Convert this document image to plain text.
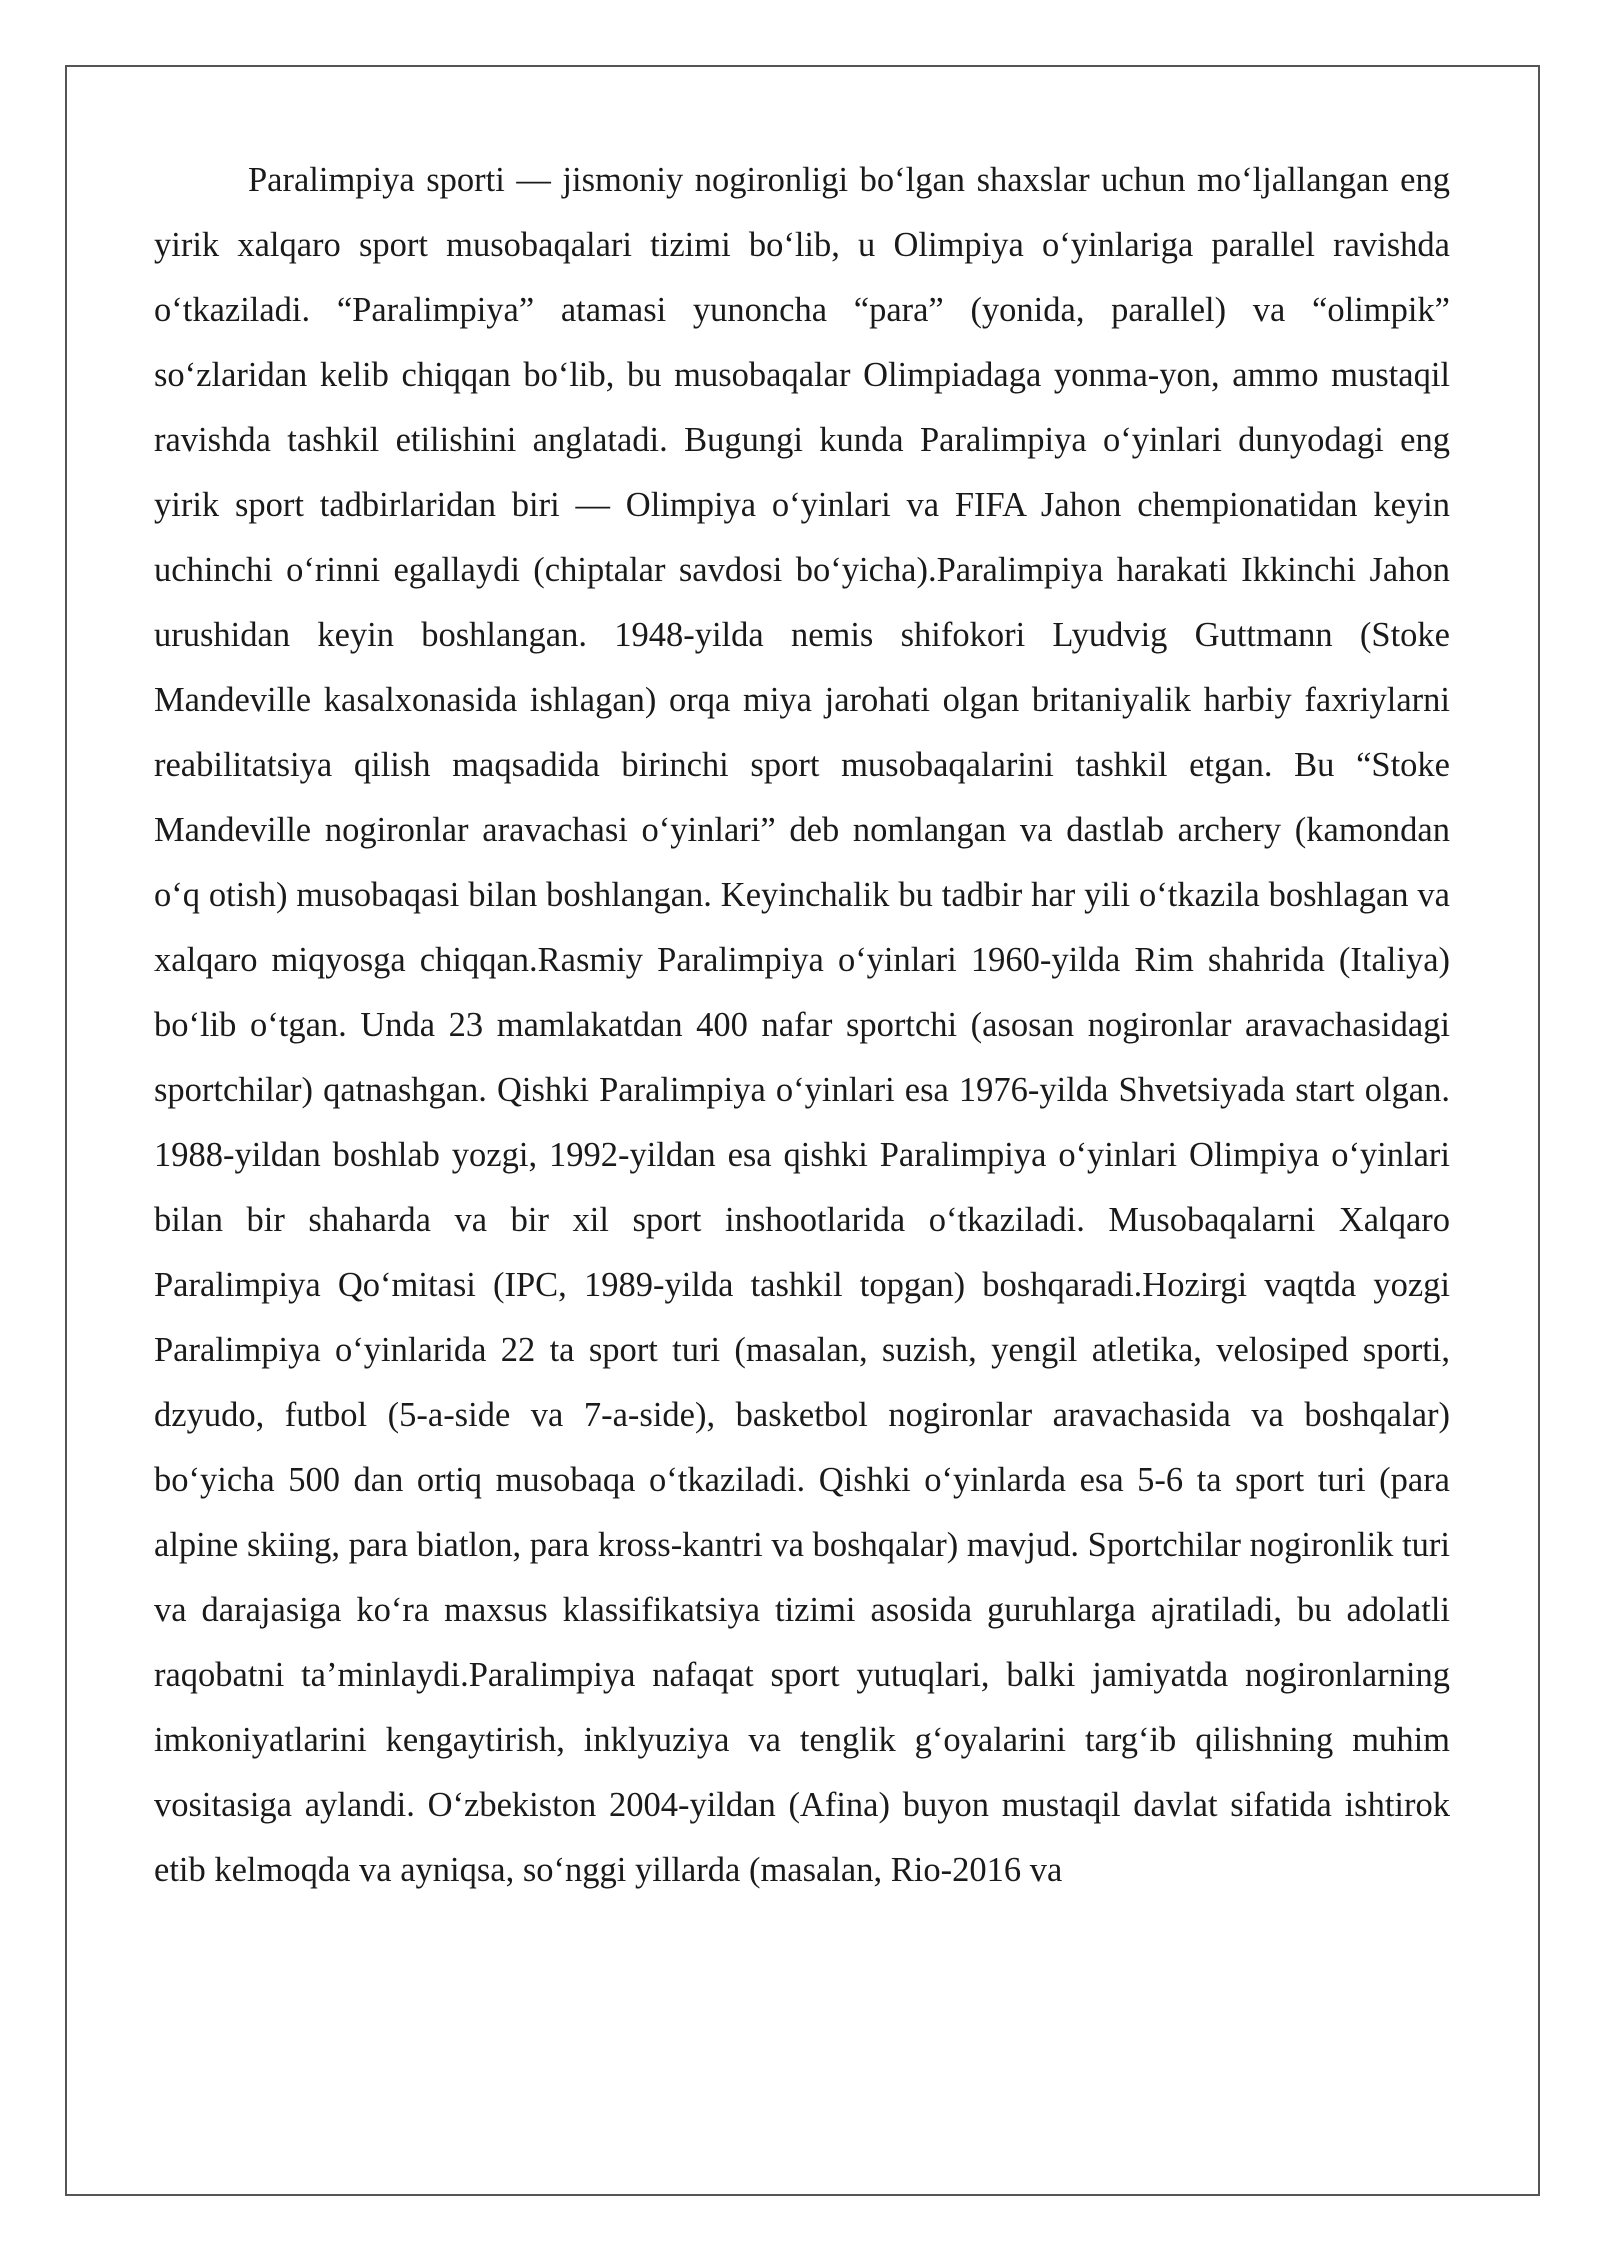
Paralimpiya sporti — jismoniy nogironligi bo‘lgan shaxslar uchun mo‘ljallangan eng yirik xalqaro sport musobaqalari tizimi bo‘lib, u Olimpiya o‘yinlariga parallel ravishda o‘tkaziladi. “Paralimpiya” atamasi yunoncha “para” (yonida, parallel) va “olimpik” so‘zlaridan kelib chiqqan bo‘lib, bu musobaqalar Olimpiadaga yonma-yon, ammo mustaqil ravishda tashkil etilishini anglatadi. Bugungi kunda Paralimpiya o‘yinlari dunyodagi eng yirik sport tadbirlaridan biri — Olimpiya o‘yinlari va FIFA Jahon chempionatidan keyin uchinchi o‘rinni egallaydi (chiptalar savdosi bo‘yicha).Paralimpiya harakati Ikkinchi Jahon urushidan keyin boshlangan. 1948-yilda nemis shifokori Lyudvig Guttmann (Stoke Mandeville kasalxonasida ishlagan) orqa miya jarohati olgan britaniyalik harbiy faxriylarni reabilitatsiya qilish maqsadida birinchi sport musobaqalarini tashkil etgan. Bu “Stoke Mandeville nogironlar aravachasi o‘yinlari” deb nomlangan va dastlab archery (kamondan o‘q otish) musobaqasi bilan boshlangan. Keyinchalik bu tadbir har yili o‘tkazila boshlagan va xalqaro miqyosga chiqqan.Rasmiy Paralimpiya o‘yinlari 1960-yilda Rim shahrida (Italiya) bo‘lib o‘tgan. Unda 23 mamlakatdan 400 nafar sportchi (asosan nogironlar aravachasidagi sportchilar) qatnashgan. Qishki Paralimpiya o‘yinlari esa 1976-yilda Shvetsiyada start olgan. 1988-yildan boshlab yozgi, 1992-yildan esa qishki Paralimpiya o‘yinlari Olimpiya o‘yinlari bilan bir shaharda va bir xil sport inshootlarida o‘tkaziladi. Musobaqalarni Xalqaro Paralimpiya Qo‘mitasi (IPC, 1989-yilda tashkil topgan) boshqaradi.Hozirgi vaqtda yozgi Paralimpiya o‘yinlarida 22 ta sport turi (masalan, suzish, yengil atletika, velosiped sporti, dzyudo, futbol (5-a-side va 7-a-side), basketbol nogironlar aravachasida va boshqalar) bo‘yicha 500 dan ortiq musobaqa o‘tkaziladi. Qishki o‘yinlarda esa 5-6 ta sport turi (para alpine skiing, para biatlon, para kross-kantri va boshqalar) mavjud. Sportchilar nogironlik turi va darajasiga ko‘ra maxsus klassifikatsiya tizimi asosida guruhlarga ajratiladi, bu adolatli raqobatni ta’minlaydi.Paralimpiya nafaqat sport yutuqlari, balki jamiyatda nogironlarning imkoniyatlarini kengaytirish, inklyuziya va tenglik g‘oyalarini targ‘ib qilishning muhim vositasiga aylandi. O‘zbekiston 2004-yildan (Afina) buyon mustaqil davlat sifatida ishtirok etib kelmoqda va ayniqsa, so‘nggi yillarda (masalan, Rio-2016 va
